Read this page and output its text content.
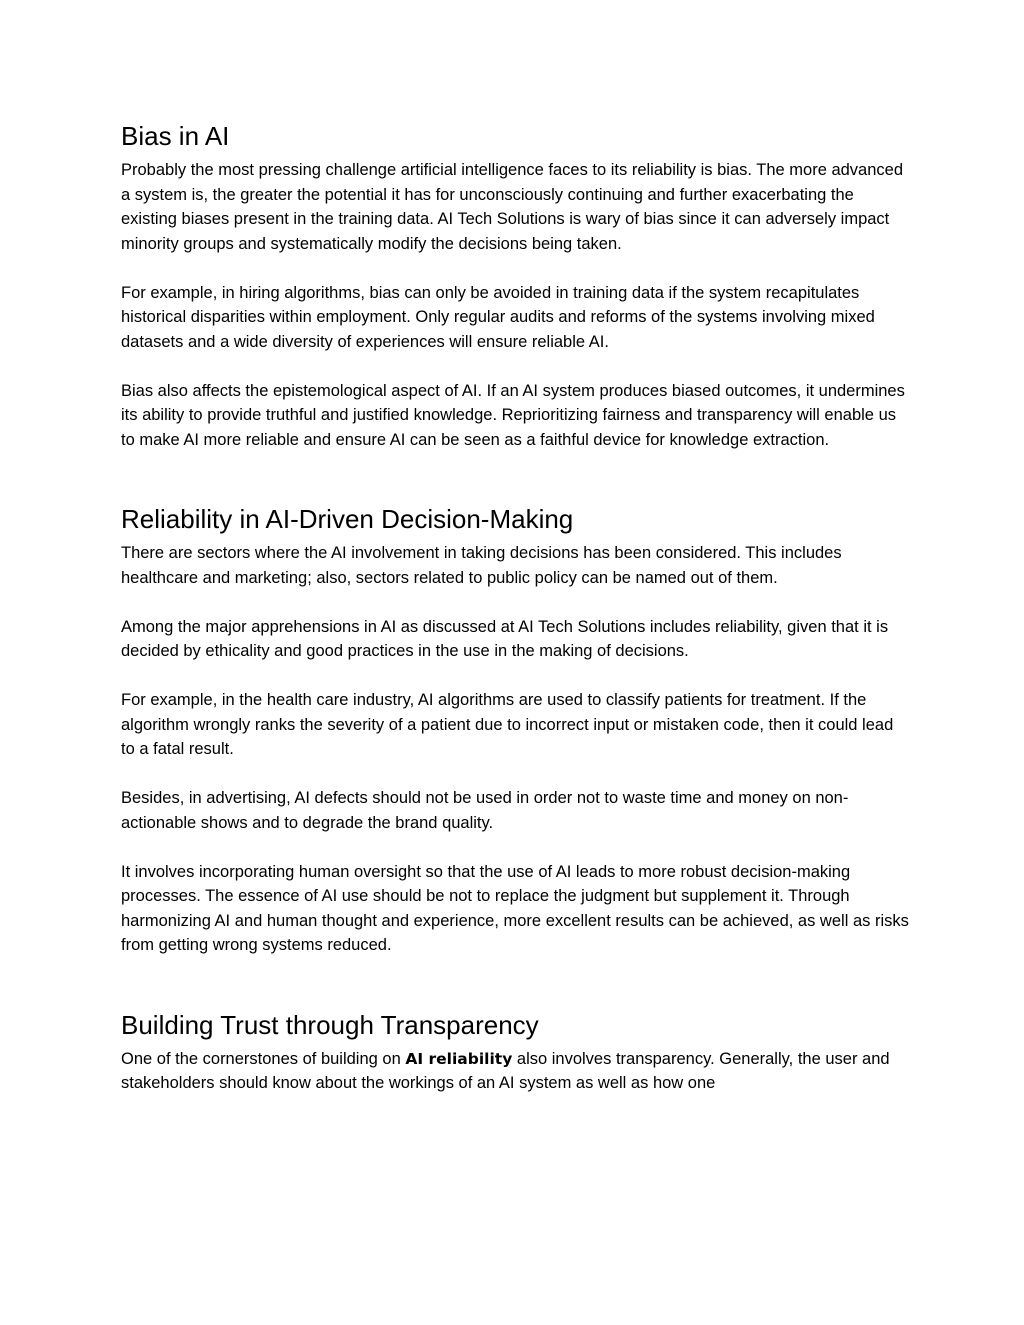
Bias in AI

Probably the most pressing challenge artificial intelligence faces to its reliability is bias. The more advanced a system is, the greater the potential it has for unconsciously continuing and further exacerbating the existing biases present in the training data. AI Tech Solutions is wary of bias since it can adversely impact minority groups and systematically modify the decisions being taken.

For example, in hiring algorithms, bias can only be avoided in training data if the system recapitulates historical disparities within employment. Only regular audits and reforms of the systems involving mixed datasets and a wide diversity of experiences will ensure reliable AI.

Bias also affects the epistemological aspect of AI. If an AI system produces biased outcomes, it undermines its ability to provide truthful and justified knowledge. Reprioritizing fairness and transparency will enable us to make AI more reliable and ensure AI can be seen as a faithful device for knowledge extraction.

Reliability in AI-Driven Decision-Making

There are sectors where the AI involvement in taking decisions has been considered. This includes healthcare and marketing; also, sectors related to public policy can be named out of them.

Among the major apprehensions in AI as discussed at AI Tech Solutions includes reliability, given that it is decided by ethicality and good practices in the use in the making of decisions.

For example, in the health care industry, AI algorithms are used to classify patients for treatment. If the algorithm wrongly ranks the severity of a patient due to incorrect input or mistaken code, then it could lead to a fatal result.

Besides, in advertising, AI defects should not be used in order not to waste time and money on non-actionable shows and to degrade the brand quality.

It involves incorporating human oversight so that the use of AI leads to more robust decision-making processes. The essence of AI use should be not to replace the judgment but supplement it. Through harmonizing AI and human thought and experience, more excellent results can be achieved, as well as risks from getting wrong systems reduced.

Building Trust through Transparency

One of the cornerstones of building on AI reliability also involves transparency. Generally, the user and stakeholders should know about the workings of an AI system as well as how one
